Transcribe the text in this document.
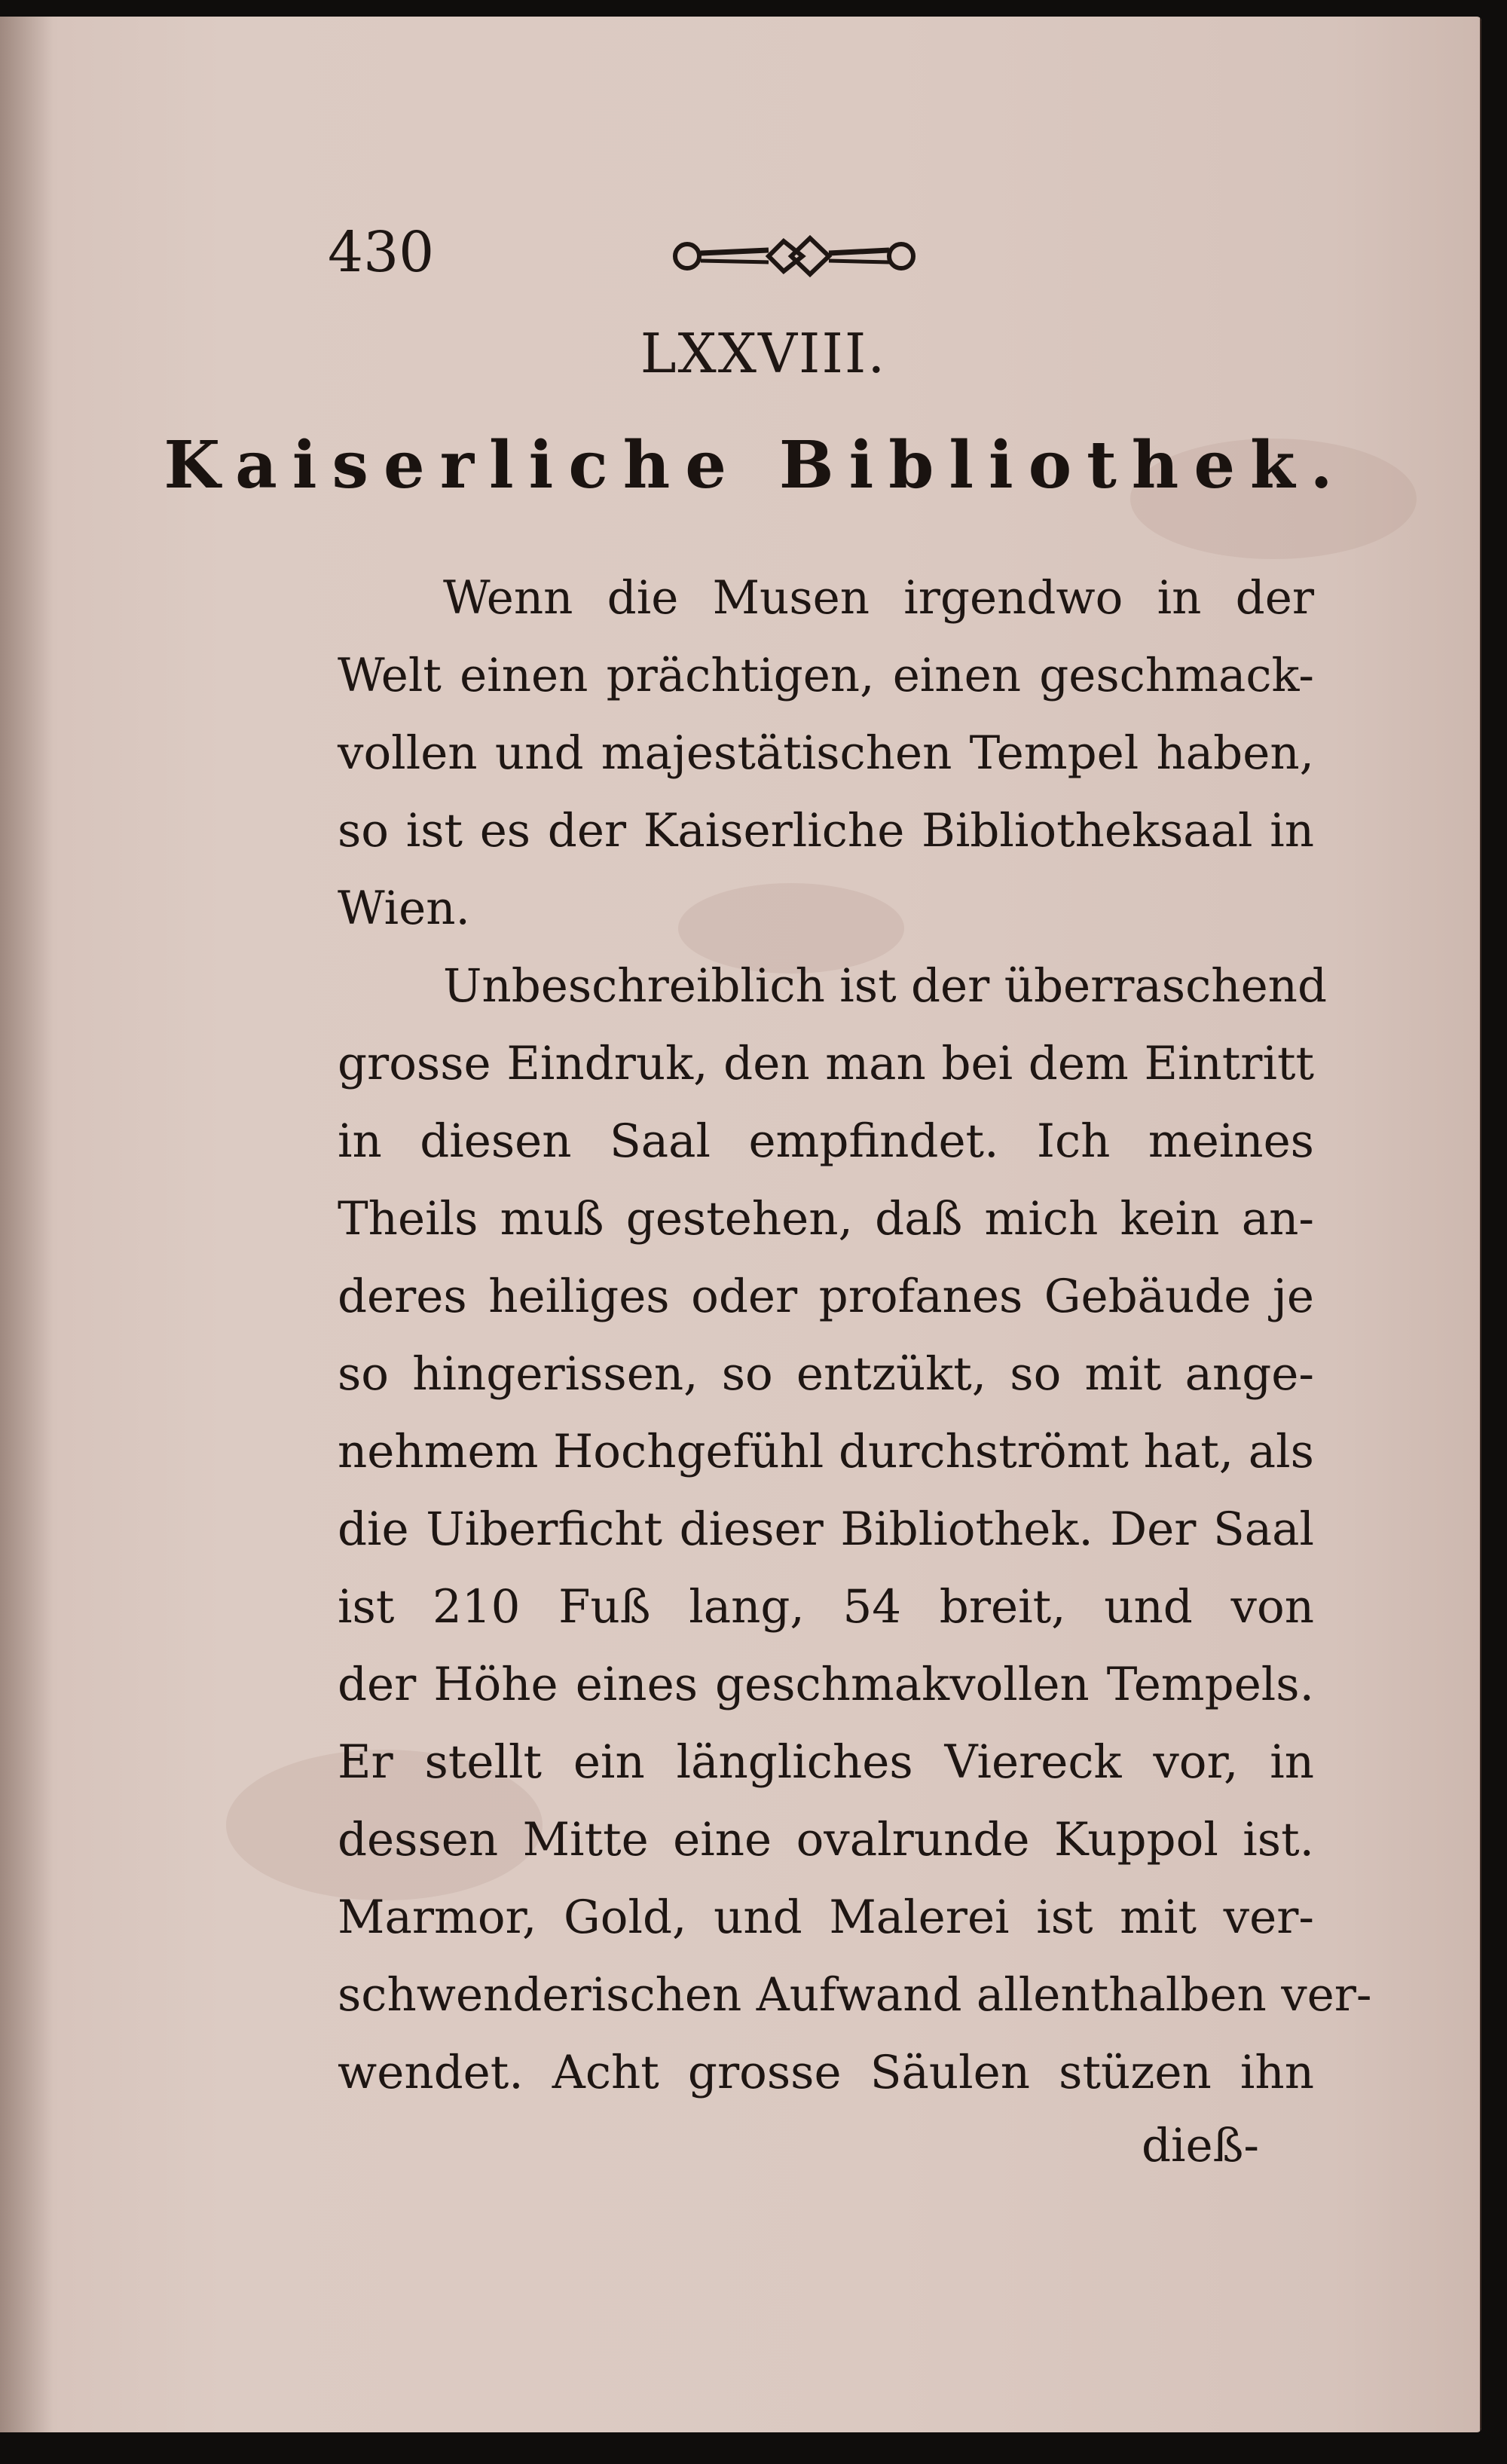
430
LXXVIII.
Kaiserliche Bibliothek.
Wenn die Musen irgendwo in der
Welt einen prächtigen, einen geschmack-
vollen und majestätischen Tempel haben,
so ist es der Kaiserliche Bibliotheksaal in
Wien.
Unbeschreiblich ist der überraschend
grosse Eindruk, den man bei dem Eintritt
in diesen Saal empfindet. Ich meines
Theils muß gestehen, daß mich kein an-
deres heiliges oder profanes Gebäude je
so hingerissen, so entzükt, so mit ange-
nehmem Hochgefühl durchströmt hat, als
die Uiberficht dieser Bibliothek. Der Saal
ist 210 Fuß lang, 54 breit, und von
der Höhe eines geschmakvollen Tempels.
Er stellt ein längliches Viereck vor, in
dessen Mitte eine ovalrunde Kuppol ist.
Marmor, Gold, und Malerei ist mit ver-
schwenderischen Aufwand allenthalben ver-
wendet. Acht grosse Säulen stüzen ihn
dieß-
